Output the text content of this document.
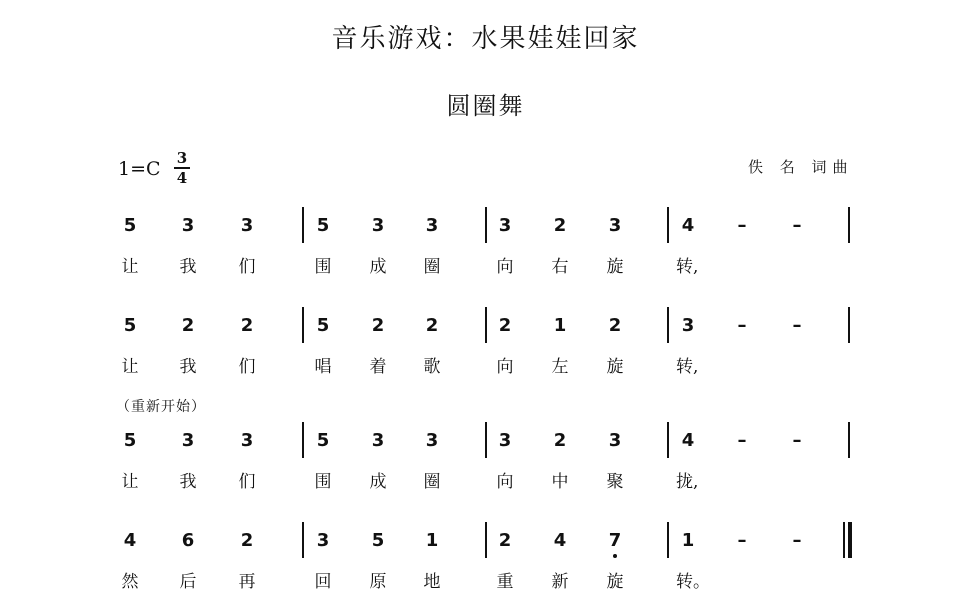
音乐游戏：水果娃娃回家
圆圈舞
1=C 3
4
佚 名 词曲
（重新开始）
5	3	3	5 3 3	3 2 3	4	–	–
让 我 们	围 成 圈	向 右 旋	转,
5	2	2	5 2 2	2 1 2	3	–	–
让 我 们	唱 着 歌	向 左 旋	转,
5	3	3	5 3 3	3 2 3	4	–	–
让 我 们	围 成 圈	向 中 聚	拢,
4	6	2	3 5 1	2 4 7	1	–	–
然 后 再	回 原 地	重 新 旋	转。
